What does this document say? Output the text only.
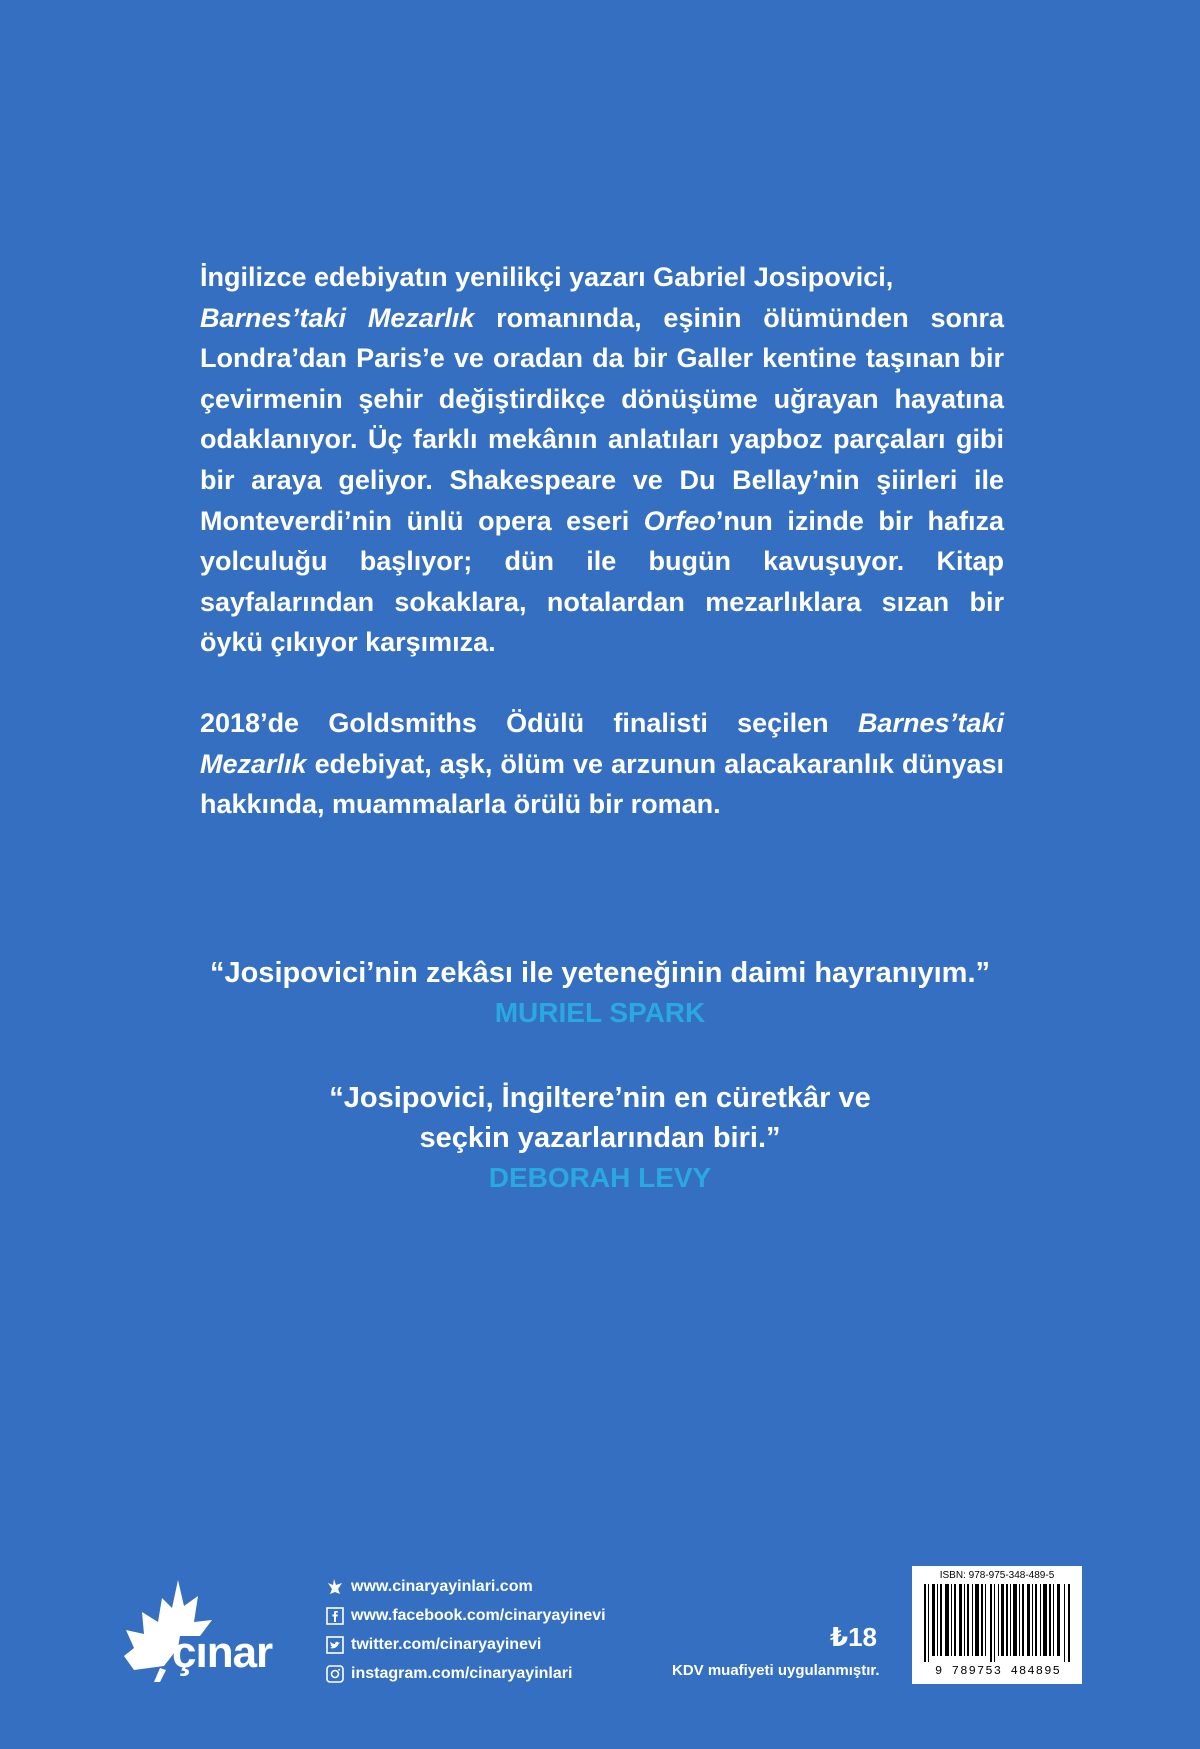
İngilizce edebiyatın yenilikçi yazarı Gabriel Josipovici,
Barnes’taki Mezarlık romanında, eşinin ölümünden sonra Londra’dan Paris’e ve oradan da bir Galler kentine taşınan bir çevirmenin şehir değiştirdikçe dönüşüme uğrayan hayatına odaklanıyor. Üç farklı mekânın anlatıları yapboz parçaları gibi bir araya geliyor. Shakespeare ve Du Bellay’nin şiirleri ile Monteverdi’nin ünlü opera eseri Orfeo’nun izinde bir hafıza yolculuğu başlıyor; dün ile bugün kavuşuyor. Kitap sayfalarından sokaklara, notalardan mezarlıklara sızan bir öykü çıkıyor karşımıza.

2018’de Goldsmiths Ödülü finalisti seçilen Barnes’taki Mezarlık edebiyat, aşk, ölüm ve arzunun alacakaranlık dünyası hakkında, muammalarla örülü bir roman.

“Josipovici’nin zekâsı ile yeteneğinin daimi hayranıyım.”
MURIEL SPARK
“Josipovici, İngiltere’nin en cüretkâr ve
seçkin yazarlarından biri.”
DEBORAH LEVY
çınar
www.cinaryayinlari.com
www.facebook.com/cinaryayinevi
twitter.com/cinaryayinevi
instagram.com/cinaryayinlari
₺18
KDV muafiyeti uygulanmıştır.
ISBN: 978-975-348-489-5
9 789753 484895
